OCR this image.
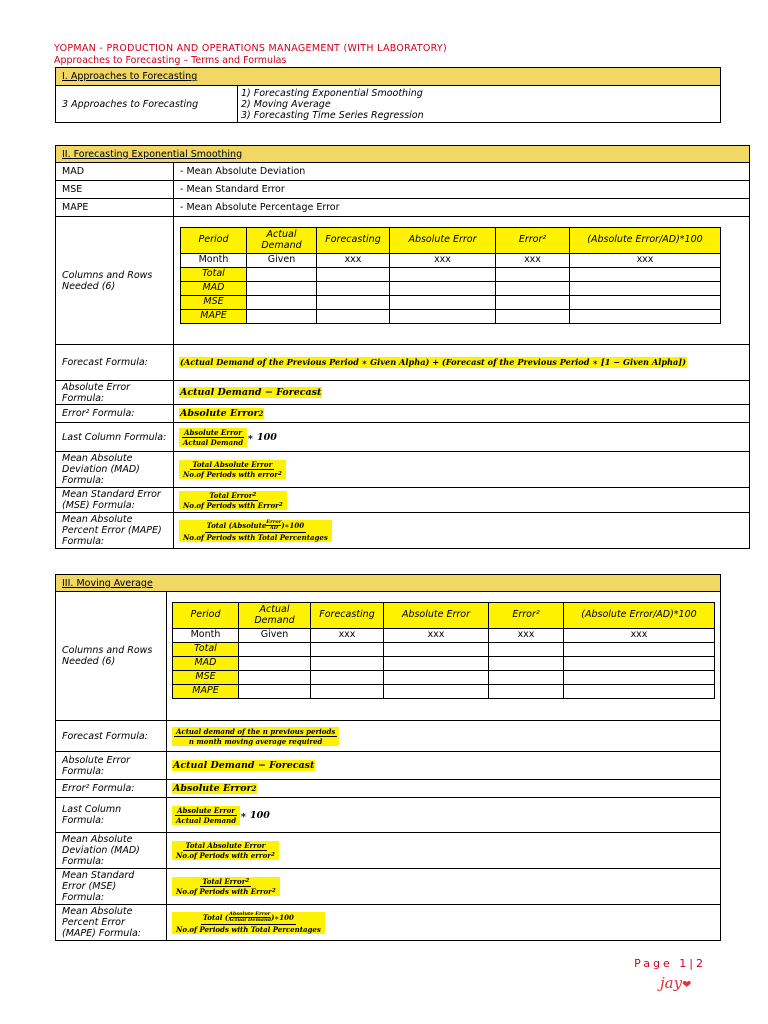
YOPMAN - PRODUCTION AND OPERATIONS MANAGEMENT (WITH LABORATORY)
Approaches to Forecasting – Terms and Formulas
I. Approaches to Forecasting
3 Approaches to Forecasting	
1) Forecasting Exponential Smoothing
2) Moving Average
3) Forecasting Time Series Regression
II. Forecasting Exponential Smoothing
MAD	- Mean Absolute Deviation
MSE	- Mean Standard Error
MAPE	- Mean Absolute Percentage Error
Columns and Rows Needed (6)	
Period	Actual Demand	Forecasting	Absolute Error	Error²	(Absolute Error/AD)*100
Month	Given	xxx	xxx	xxx	xxx
Total					
MAD					
MSE					
MAPE					

Forecast Formula:	(Actual Demand of the Previous Period ∗ Given Alpha) + (Forecast of the Previous Period ∗ [1 − Given Alpha])
Absolute Error Formula:	Actual Demand − Forecast
Error² Formula:	Absolute Error$^2$
Last Column Formula:	Absolute Error
Actual Demand ∗ 100
Mean Absolute Deviation (MAD) Formula:	
Total Absolute Error
No.of Periods with error$^2$

Mean Standard Error (MSE) Formula:	
Total Error$^2$
No.of Periods with Error$^2$

Mean Absolute Percent Error (MAPE) Formula:	
Total (Absolute Error
AD )∗100
No.of Periods with Total Percentages
III. Moving Average
Columns and Rows Needed (6)	
Period	Actual Demand	Forecasting	Absolute Error	Error²	(Absolute Error/AD)*100
Month	Given	xxx	xxx	xxx	xxx
Total					
MAD					
MSE					
MAPE					

Forecast Formula:	Actual demand of the n previous periods
n month moving average required

Absolute Error Formula:	Actual Demand − Forecast
Error² Formula:	Absolute Error$^2$
Last Column Formula:	
Absolute Error
Actual Demand ∗ 100
Mean Absolute Deviation (MAD) Formula:	
Total Absolute Error
No.of Periods with error$^2$

Mean Standard Error (MSE) Formula:	
Total Error$^2$
No.of Periods with Error$^2$

Mean Absolute Percent Error (MAPE) Formula:	
Total ( Absolute Error
Actual Demand )∗100
No.of Periods with Total Percentages
Page 1|2
jay❤
